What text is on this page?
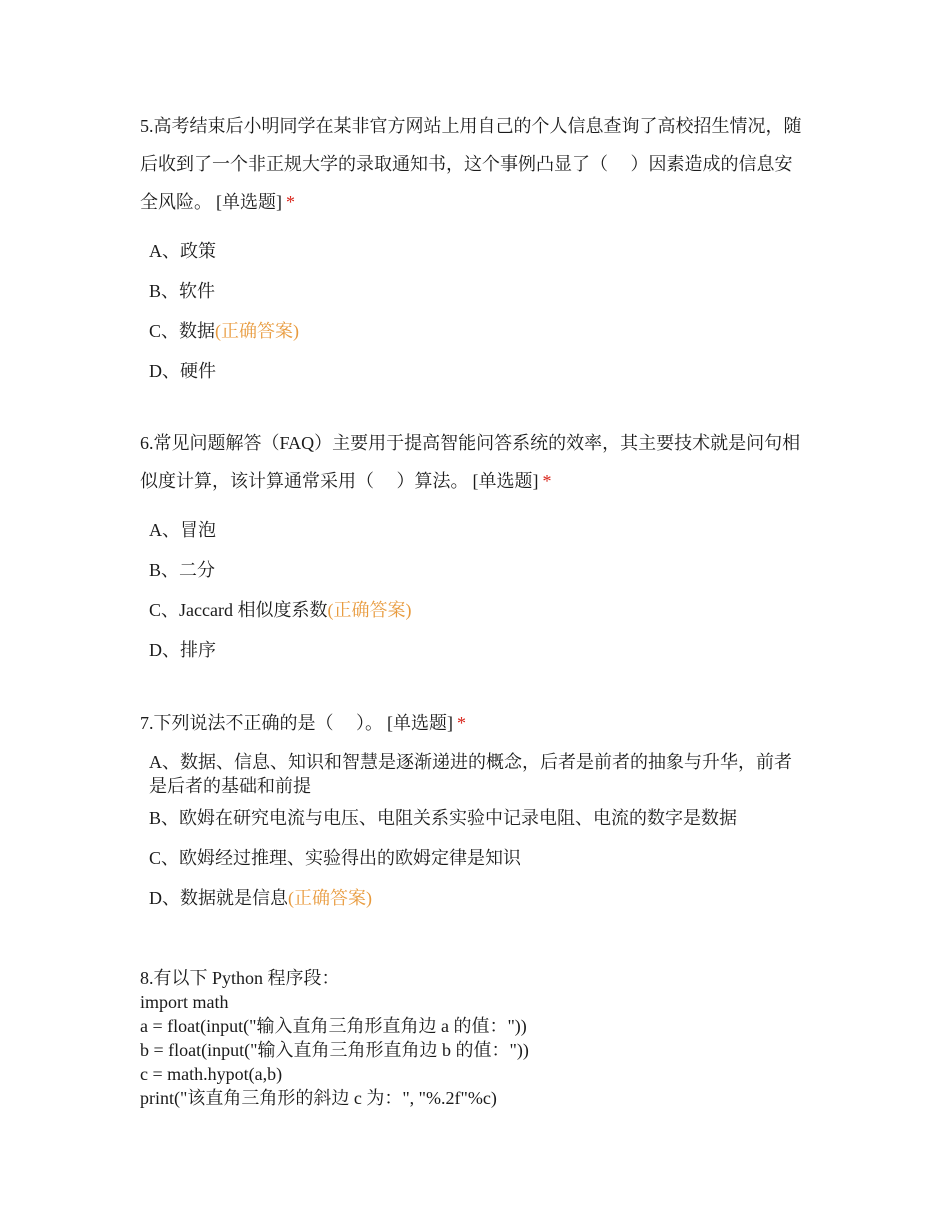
5.高考结束后小明同学在某非官方网站上用自己的个人信息查询了高校招生情况，随后收到了一个非正规大学的录取通知书，这个事例凸显了（　 ）因素造成的信息安全风险。 [单选题] *

A、政策
B、软件
C、数据(正确答案)
D、硬件

6.常见问题解答（FAQ）主要用于提高智能问答系统的效率，其主要技术就是问句相似度计算，该计算通常采用（　 ）算法。 [单选题] *

A、冒泡
B、二分
C、Jaccard 相似度系数(正确答案)
D、排序

7.下列说法不正确的是（　 ）。 [单选题] *

A、数据、信息、知识和智慧是逐渐递进的概念，后者是前者的抽象与升华，前者是后者的基础和前提
B、欧姆在研究电流与电压、电阻关系实验中记录电阻、电流的数字是数据
C、欧姆经过推理、实验得出的欧姆定律是知识
D、数据就是信息(正确答案)

8.有以下 Python 程序段：

import math

a = float(input("输入直角三角形直角边 a 的值："))

b = float(input("输入直角三角形直角边 b 的值："))

c = math.hypot(a,b)

print("该直角三角形的斜边 c 为：", "%.2f"%c)
